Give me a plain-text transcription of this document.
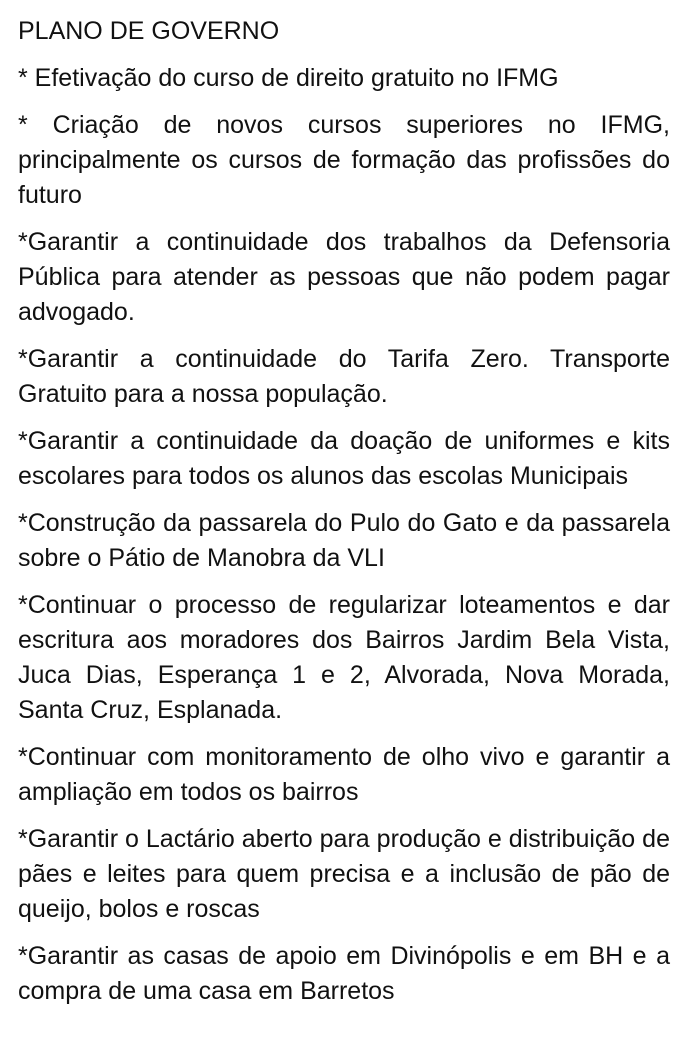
PLANO DE GOVERNO
* Efetivação do curso de direito gratuito no IFMG
* Criação de novos cursos superiores no IFMG, principalmente os cursos de formação das profissões do futuro
*Garantir a continuidade dos trabalhos da Defensoria Pública para atender as pessoas que não podem pagar advogado.
*Garantir a continuidade do Tarifa Zero. Transporte Gratuito para a nossa população.
*Garantir a continuidade da doação de uniformes e kits escolares para todos os alunos das escolas Municipais
*Construção da passarela do Pulo do Gato e da passarela sobre o Pátio de Manobra da VLI
*Continuar o processo de regularizar loteamentos e dar escritura aos moradores dos Bairros Jardim Bela Vista, Juca Dias, Esperança 1 e 2, Alvorada, Nova Morada, Santa Cruz, Esplanada.
*Continuar com monitoramento de olho vivo e garantir a ampliação em todos os bairros
*Garantir o Lactário aberto para produção e distribuição de pães e leites para quem precisa e a inclusão de pão de queijo, bolos e roscas
*Garantir as casas de apoio em Divinópolis e em BH e a compra de uma casa em Barretos
